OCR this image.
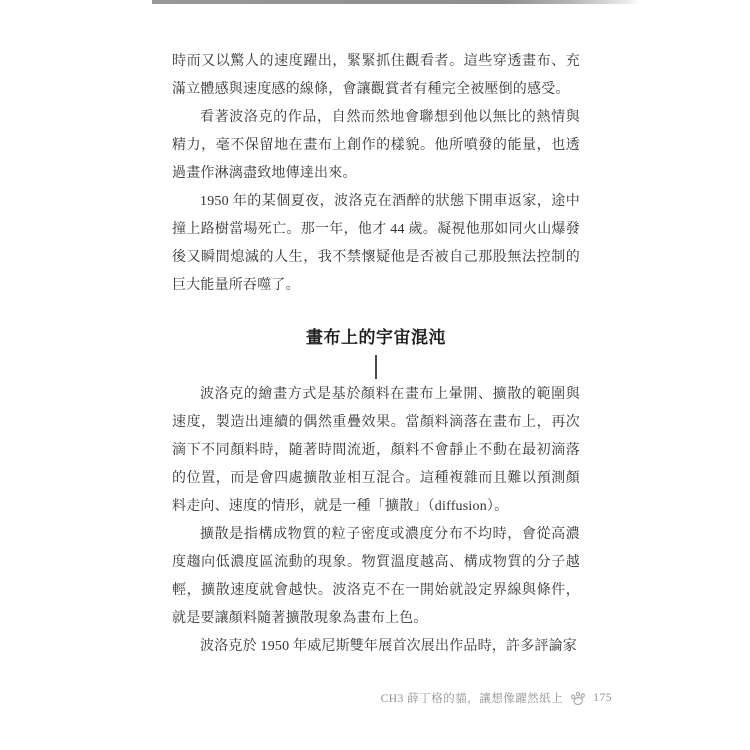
時而又以驚人的速度躍出，緊緊抓住觀看者。這些穿透畫布、充滿立體感與速度感的線條，會讓觀賞者有種完全被壓倒的感受。

看著波洛克的作品，自然而然地會聯想到他以無比的熱情與精力，毫不保留地在畫布上創作的樣貌。他所噴發的能量，也透過畫作淋漓盡致地傳達出來。

1950 年的某個夏夜，波洛克在酒醉的狀態下開車返家，途中撞上路樹當場死亡。那一年，他才 44 歲。凝視他那如同火山爆發後又瞬間熄滅的人生，我不禁懷疑他是否被自己那股無法控制的巨大能量所吞噬了。

畫布上的宇宙混沌

波洛克的繪畫方式是基於顏料在畫布上暈開、擴散的範圍與速度，製造出連續的偶然重疊效果。當顏料滴落在畫布上，再次滴下不同顏料時，隨著時間流逝，顏料不會靜止不動在最初滴落的位置，而是會四處擴散並相互混合。這種複雜而且難以預測顏料走向、速度的情形，就是一種「擴散」（diffusion）。

擴散是指構成物質的粒子密度或濃度分布不均時，會從高濃度趨向低濃度區流動的現象。物質溫度越高、構成物質的分子越輕，擴散速度就會越快。波洛克不在一開始就設定界線與條件，就是要讓顏料隨著擴散現象為畫布上色。

波洛克於 1950 年威尼斯雙年展首次展出作品時，許多評論家

CH3 薛丁格的貓，讓想像躍然紙上	175
